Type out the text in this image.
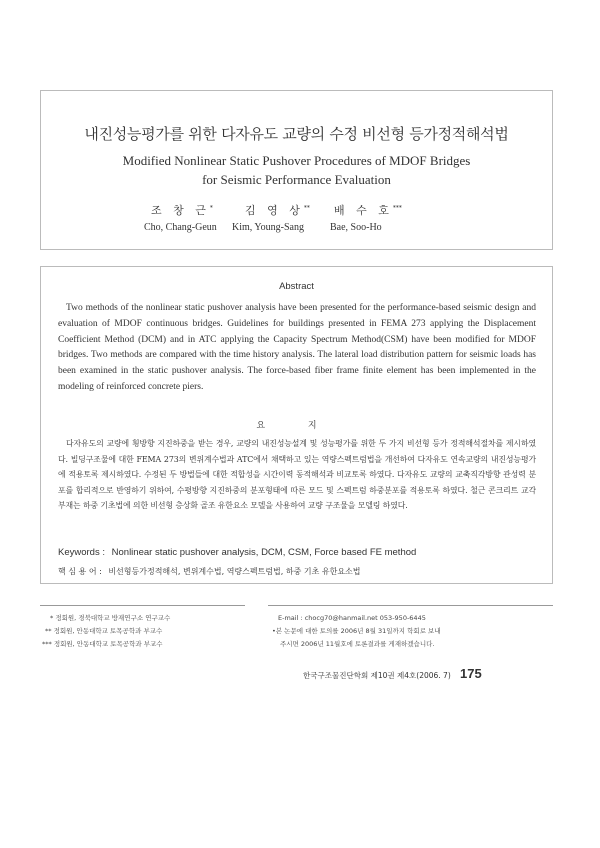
내진성능평가를 위한 다자유도 교량의 수정 비선형 등가정적해석법
Modified Nonlinear Static Pushover Procedures of MDOF Bridges
for Seismic Performance Evaluation
조 창 근*	김 영 상** 배 수 호***
Cho, Chang-Geun Kim, Young-Sang	Bae, Soo-Ho
Abstract

Two methods of the nonlinear static pushover analysis have been presented for the performance-based seismic design and evaluation of MDOF continuous bridges. Guidelines for buildings presented in FEMA 273 applying the Displacement Coefficient Method (DCM) and in ATC applying the Capacity Spectrum Method(CSM) have been modified for MDOF bridges. Two methods are compared with the time history analysis. The lateral load distribution pattern for seismic loads has been examined in the static pushover analysis. The force-based fiber frame finite element has been implemented in the modeling of reinforced concrete piers.

요 지

다자유도의 교량에 횡방향 지진하중을 받는 경우, 교량의 내진성능설계 및 성능평가를 위한 두 가지 비선형 등가 정적해석절차를 제시하였다. 빌딩구조물에 대한 FEMA 273의 변위계수법과 ATC에서 채택하고 있는 역량스펙트럼법을 개선하여 다자유도 연속교량의 내진성능평가에 적용토록 제시하였다. 수정된 두 방법들에 대한 적합성을 시간이력 동적해석과 비교토록 하였다. 다자유도 교량의 교축직각방향 관성력 분포를 합리적으로 반영하기 위하여, 수평방향 지진하중의 분포형태에 따른 모드 및 스펙트럼 하중분포를 적용토록 하였다. 철근 콘크리트 교각 부재는 하중 기초법에 의한 비선형 층상화 골조 유한요소 모델을 사용하여 교량 구조물을 모델링 하였다.

Keywords : Nonlinear static pushover analysis, DCM, CSM, Force based FE method
핵 심 용 어 : 비선형등가정적해석, 변위계수법, 역량스펙트럼법, 하중 기초 유한요소법
* 정회원, 경북대학교 방재연구소 연구교수
** 정회원, 안동대학교 토목공학과 부교수
*** 정회원, 안동대학교 토목공학과 부교수
E-mail : chocg70@hanmail.net 053-950-6445
•본 논문에 대한 토의를 2006년 8월 31일까지 학회로 보내
주시면 2006년 11월호에 토론결과를 게재하겠습니다.
한국구조물진단학회 제10권 제4호(2006. 7) 175
